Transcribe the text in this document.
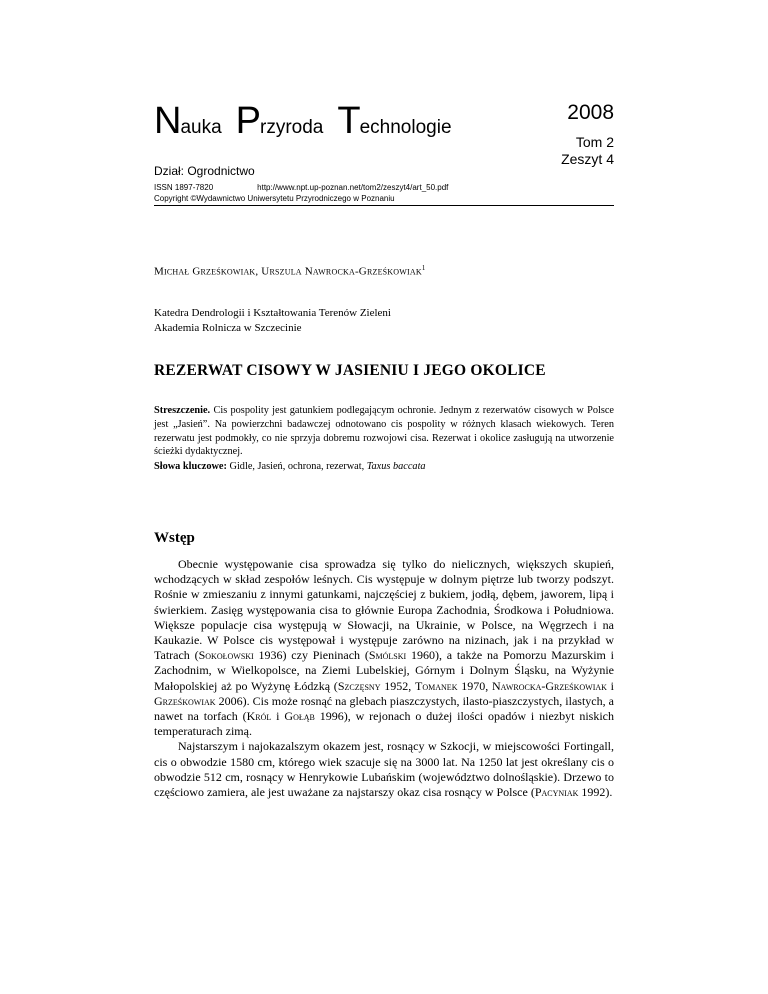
Nauka Przyroda Technologie
2008
Tom 2
Zeszyt 4
Dział: Ogrodnictwo
ISSN 1897-7820	http://www.npt.up-poznan.net/tom2/zeszyt4/art_50.pdf
Copyright ©Wydawnictwo Uniwersytetu Przyrodniczego w Poznaniu
Michał Grześkowiak, Urszula Nawrocka-Grześkowiak$^1$
Katedra Dendrologii i Kształtowania Terenów Zieleni
Akademia Rolnicza w Szczecinie
REZERWAT CISOWY W JASIENIU I JEGO OKOLICE
Streszczenie. Cis pospolity jest gatunkiem podlegającym ochronie. Jednym z rezerwatów cisowych w Polsce jest „Jasień”. Na powierzchni badawczej odnotowano cis pospolity w różnych klasach wiekowych. Teren rezerwatu jest podmokły, co nie sprzyja dobremu rozwojowi cisa. Rezerwat i okolice zasługują na utworzenie ścieżki dydaktycznej.
Słowa kluczowe: Gidle, Jasień, ochrona, rezerwat, Taxus baccata
Wstęp

Obecnie występowanie cisa sprowadza się tylko do nielicznych, większych skupień, wchodzących w skład zespołów leśnych. Cis występuje w dolnym piętrze lub tworzy podszyt. Rośnie w zmieszaniu z innymi gatunkami, najczęściej z bukiem, jodłą, dębem, jaworem, lipą i świerkiem. Zasięg występowania cisa to głównie Europa Zachodnia, Środkowa i Południowa. Większe populacje cisa występują w Słowacji, na Ukrainie, w Polsce, na Węgrzech i na Kaukazie. W Polsce cis występował i występuje zarówno na nizinach, jak i na przykład w Tatrach (Sokołowski 1936) czy Pieninach (Smólski 1960), a także na Pomorzu Mazurskim i Zachodnim, w Wielkopolsce, na Ziemi Lubelskiej, Górnym i Dolnym Śląsku, na Wyżynie Małopolskiej aż po Wyżynę Łódzką (Szczęsny 1952, Tomanek 1970, Nawrocka-Grześkowiak i Grześkowiak 2006). Cis może rosnąć na glebach piaszczystych, ilasto-piaszczystych, ilastych, a nawet na torfach (Król i Gołąb 1996), w rejonach o dużej ilości opadów i niezbyt niskich temperaturach zimą.

Najstarszym i najokazalszym okazem jest, rosnący w Szkocji, w miejscowości Fortingall, cis o obwodzie 1580 cm, którego wiek szacuje się na 3000 lat. Na 1250 lat jest określany cis o obwodzie 512 cm, rosnący w Henrykowie Lubańskim (województwo dolnośląskie). Drzewo to częściowo zamiera, ale jest uważane za najstarszy okaz cisa rosnący w Polsce (Pacyniak 1992).
